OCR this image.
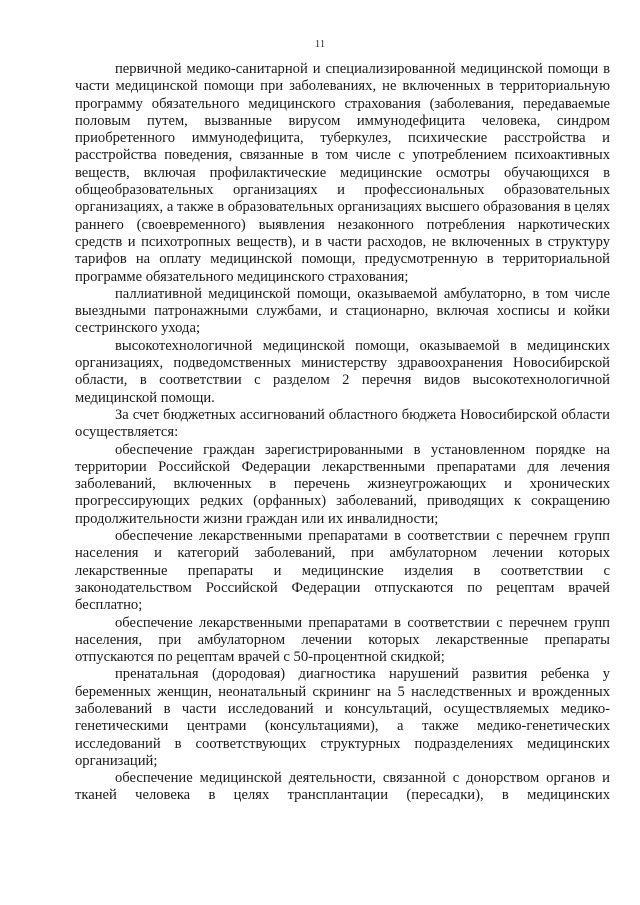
11

первичной медико-санитарной и специализированной медицинской помощи в части медицинской помощи при заболеваниях, не включенных в территориальную программу обязательного медицинского страхования (заболевания, передаваемые половым путем, вызванные вирусом иммунодефицита человека, синдром приобретенного иммунодефицита, туберкулез, психические расстройства и расстройства поведения, связанные в том числе с употреблением психоактивных веществ, включая профилактические медицинские осмотры обучающихся в общеобразовательных организациях и профессиональных образовательных организациях, а также в образовательных организациях высшего образования в целях раннего (своевременного) выявления незаконного потребления наркотических средств и психотропных веществ), и в части расходов, не включенных в структуру тарифов на оплату медицинской помощи, предусмотренную в территориальной программе обязательного медицинского страхования;

паллиативной медицинской помощи, оказываемой амбулаторно, в том числе выездными патронажными службами, и стационарно, включая хосписы и койки сестринского ухода;

высокотехнологичной медицинской помощи, оказываемой в медицинских организациях, подведомственных министерству здравоохранения Новосибирской области, в соответствии с разделом 2 перечня видов высокотехнологичной медицинской помощи.

За счет бюджетных ассигнований областного бюджета Новосибирской области осуществляется:

обеспечение граждан зарегистрированными в установленном порядке на территории Российской Федерации лекарственными препаратами для лечения заболеваний, включенных в перечень жизнеугрожающих и хронических прогрессирующих редких (орфанных) заболеваний, приводящих к сокращению продолжительности жизни граждан или их инвалидности;

обеспечение лекарственными препаратами в соответствии с перечнем групп населения и категорий заболеваний, при амбулаторном лечении которых лекарственные препараты и медицинские изделия в соответствии с законодательством Российской Федерации отпускаются по рецептам врачей бесплатно;

обеспечение лекарственными препаратами в соответствии с перечнем групп населения, при амбулаторном лечении которых лекарственные препараты отпускаются по рецептам врачей с 50-процентной скидкой;

пренатальная (дородовая) диагностика нарушений развития ребенка у беременных женщин, неонатальный скрининг на 5 наследственных и врожденных заболеваний в части исследований и консультаций, осуществляемых медико-генетическими центрами (консультациями), а также медико-генетических исследований в соответствующих структурных подразделениях медицинских организаций;

обеспечение медицинской деятельности, связанной с донорством органов и тканей человека в целях трансплантации (пересадки), в медицинских
